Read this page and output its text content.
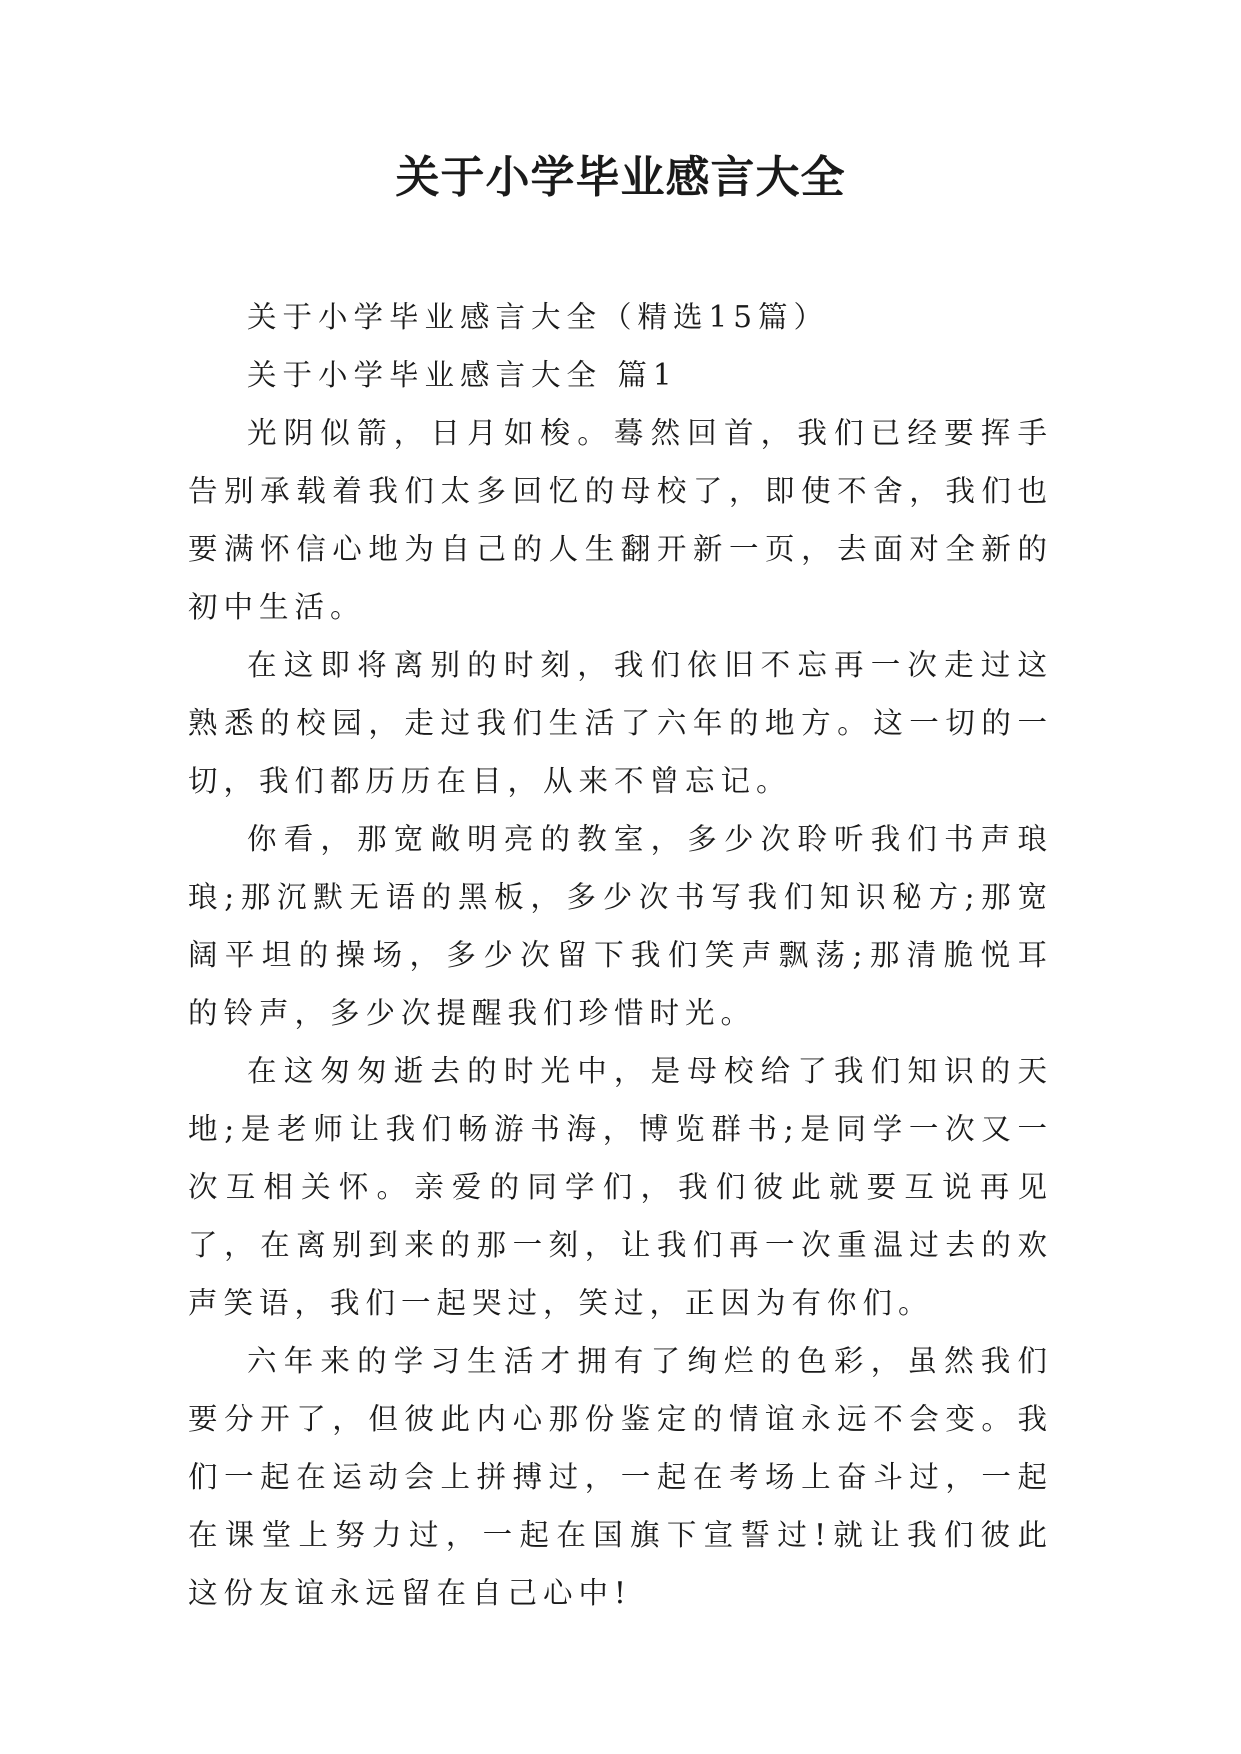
关于小学毕业感言大全

关于小学毕业感言大全（精选15篇）

关于小学毕业感言大全 篇1

光阴似箭，日月如梭。蓦然回首，我们已经要挥手告别承载着我们太多回忆的母校了，即使不舍，我们也要满怀信心地为自己的人生翻开新一页，去面对全新的初中生活。

在这即将离别的时刻，我们依旧不忘再一次走过这熟悉的校园，走过我们生活了六年的地方。这一切的一切，我们都历历在目，从来不曾忘记。

你看，那宽敞明亮的教室，多少次聆听我们书声琅琅;那沉默无语的黑板，多少次书写我们知识秘方;那宽阔平坦的操场，多少次留下我们笑声飘荡;那清脆悦耳的铃声，多少次提醒我们珍惜时光。

在这匆匆逝去的时光中，是母校给了我们知识的天地;是老师让我们畅游书海，博览群书;是同学一次又一次互相关怀。亲爱的同学们，我们彼此就要互说再见了，在离别到来的那一刻，让我们再一次重温过去的欢声笑语，我们一起哭过，笑过，正因为有你们。

六年来的学习生活才拥有了绚烂的色彩，虽然我们要分开了，但彼此内心那份鉴定的情谊永远不会变。我们一起在运动会上拼搏过，一起在考场上奋斗过，一起在课堂上努力过，一起在国旗下宣誓过!就让我们彼此这份友谊永远留在自己心中!
